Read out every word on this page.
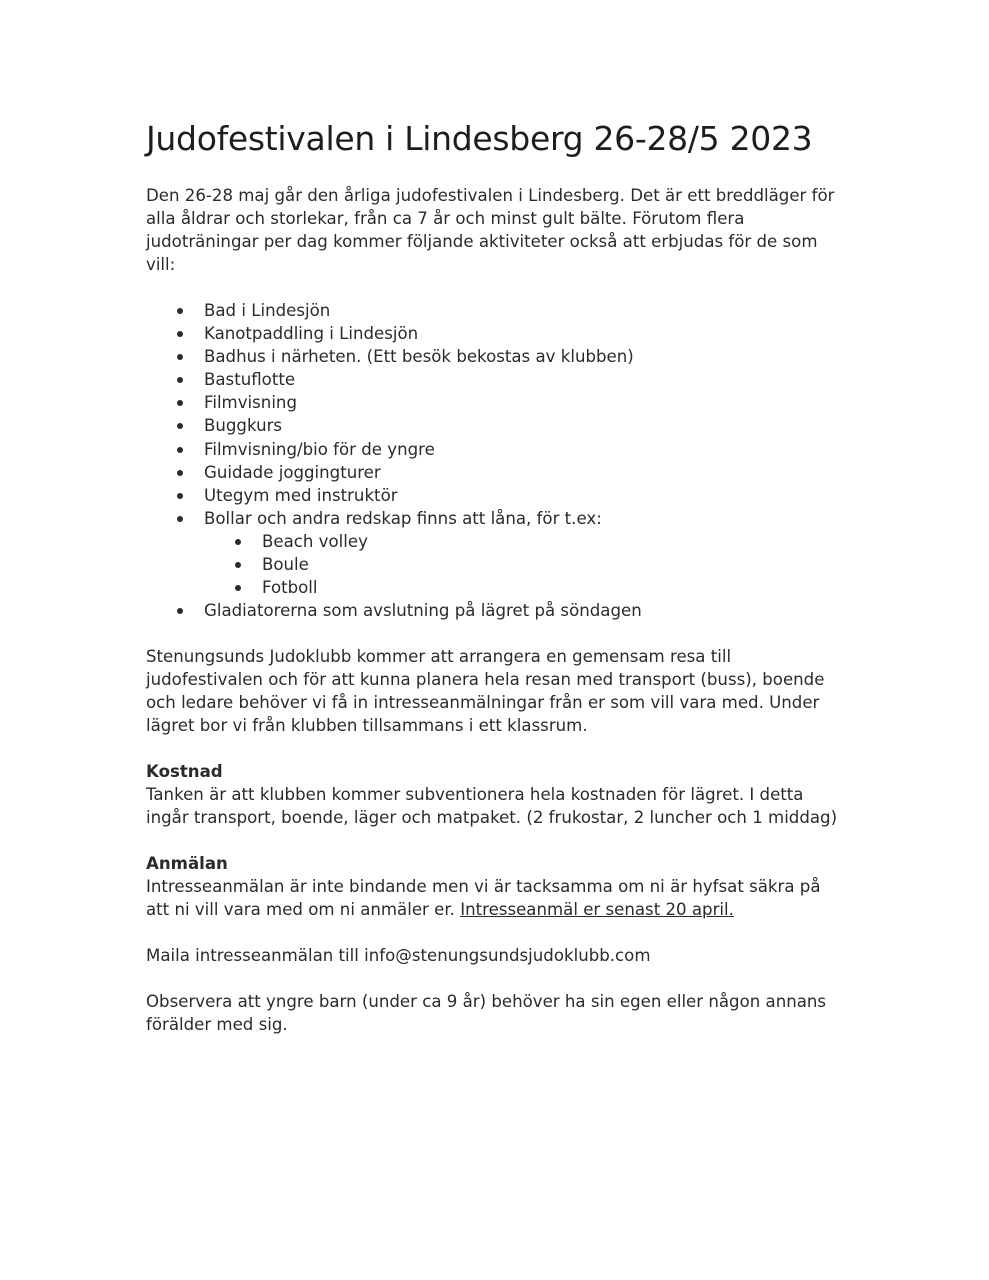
Judofestivalen i Lindesberg 26-28/5 2023

Den 26-28 maj går den årliga judofestivalen i Lindesberg. Det är ett breddläger för alla åldrar och storlekar, från ca 7 år och minst gult bälte. Förutom flera judoträningar per dag kommer följande aktiviteter också att erbjudas för de som vill:

Bad i Lindesjön
Kanotpaddling i Lindesjön
Badhus i närheten. (Ett besök bekostas av klubben)
Bastuflotte
Filmvisning
Buggkurs
Filmvisning/bio för de yngre
Guidade joggingturer
Utegym med instruktör
Bollar och andra redskap finns att låna, för t.ex:
Beach volley
Boule
Fotboll
Gladiatorerna som avslutning på lägret på söndagen

Stenungsunds Judoklubb kommer att arrangera en gemensam resa till judofestivalen och för att kunna planera hela resan med transport (buss), boende och ledare behöver vi få in intresseanmälningar från er som vill vara med. Under lägret bor vi från klubben tillsammans i ett klassrum.

Kostnad

Tanken är att klubben kommer subventionera hela kostnaden för lägret. I detta ingår transport, boende, läger och matpaket. (2 frukostar, 2 luncher och 1 middag)

Anmälan

Intresseanmälan är inte bindande men vi är tacksamma om ni är hyfsat säkra på att ni vill vara med om ni anmäler er. Intresseanmäl er senast 20 april.

Maila intresseanmälan till info@stenungsundsjudoklubb.com

Observera att yngre barn (under ca 9 år) behöver ha sin egen eller någon annans förälder med sig.
